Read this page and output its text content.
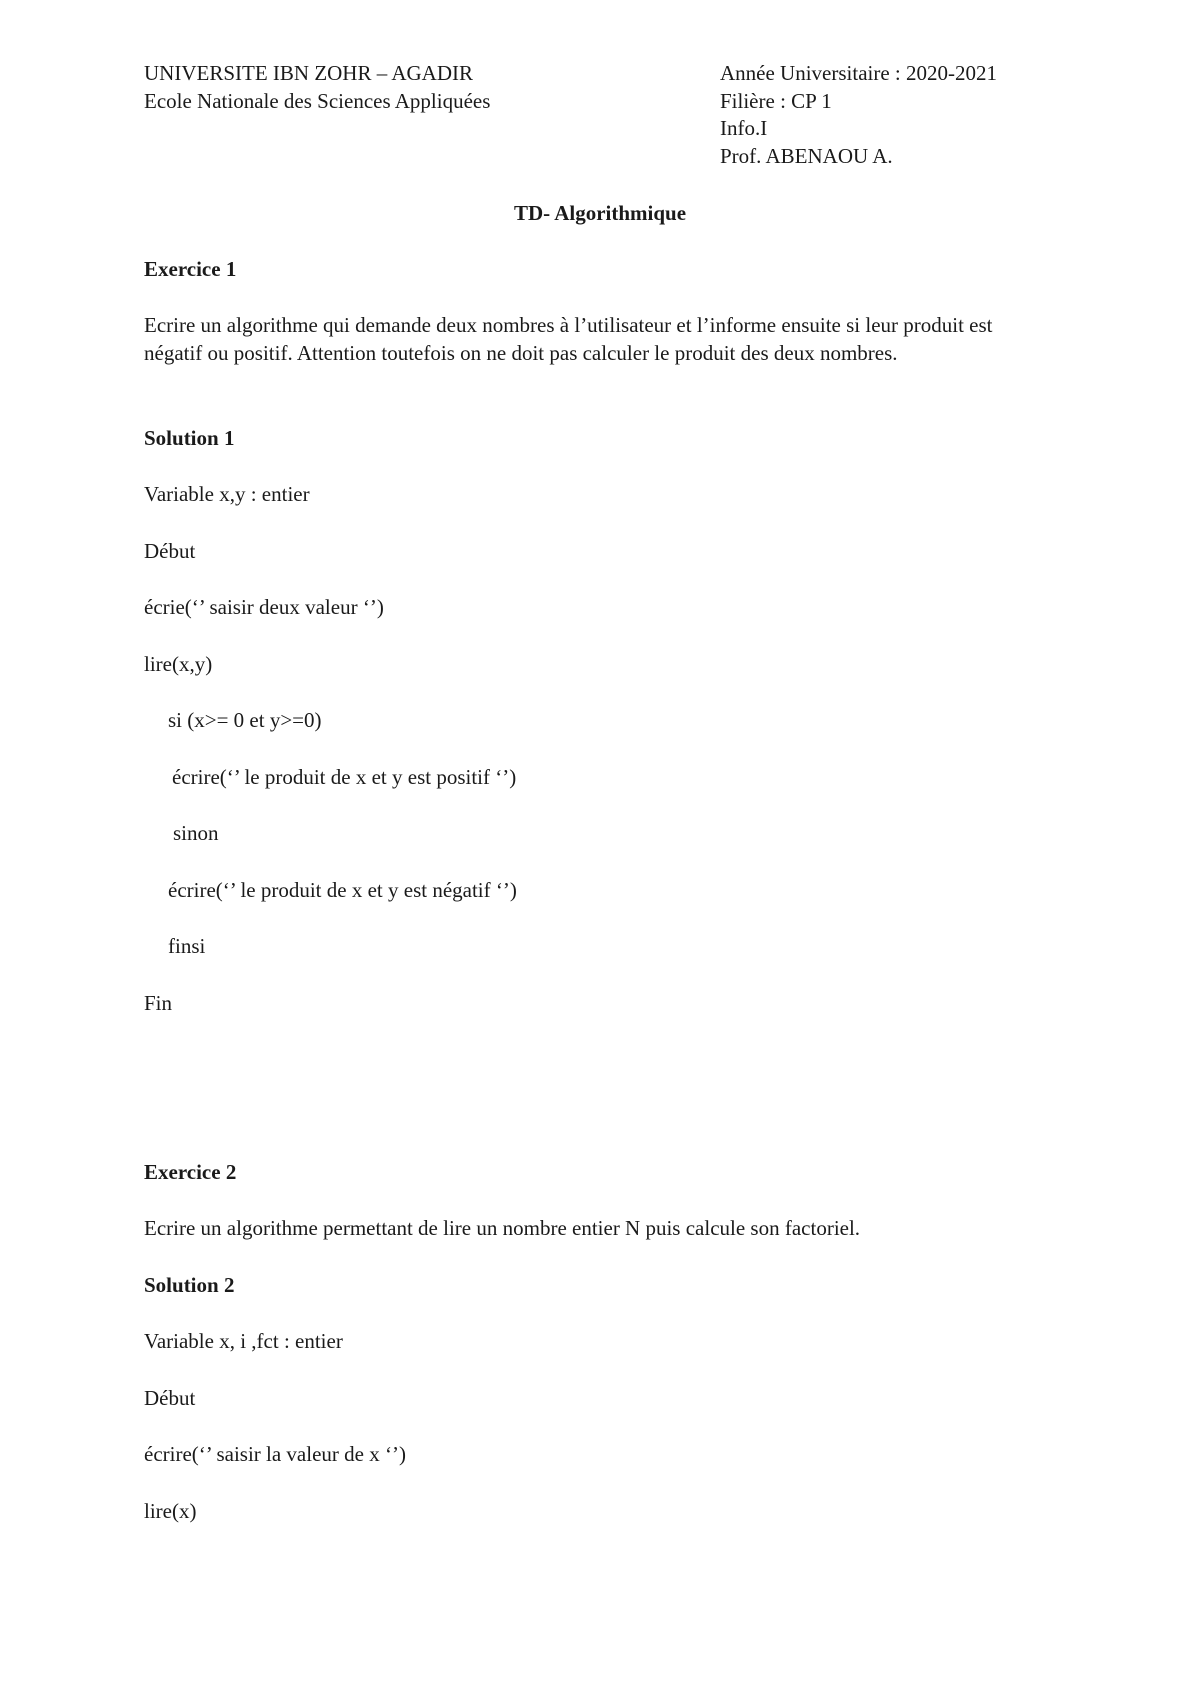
UNIVERSITE IBN ZOHR – AGADIR
Ecole Nationale des Sciences Appliquées
Année Universitaire : 2020-2021
Filière : CP 1
Info.I
Prof. ABENAOU A.
TD- Algorithmique
Exercice 1
Ecrire un algorithme qui demande deux nombres à l’utilisateur et l’informe ensuite si leur produit est négatif ou positif. Attention toutefois on ne doit pas calculer le produit des deux nombres.
Solution 1
Variable x,y : entier
Début
écrie(‘’ saisir deux valeur ‘’)
lire(x,y)
si (x>= 0 et y>=0)
écrire(‘’ le produit de x et y est positif ‘’)
sinon
écrire(‘’ le produit de x et y est négatif ‘’)
finsi
Fin
Exercice 2
Ecrire un algorithme permettant de lire un nombre entier N puis calcule son factoriel.
Solution 2
Variable x, i ,fct : entier
Début
écrire(‘’ saisir la valeur de x ‘’)
lire(x)
